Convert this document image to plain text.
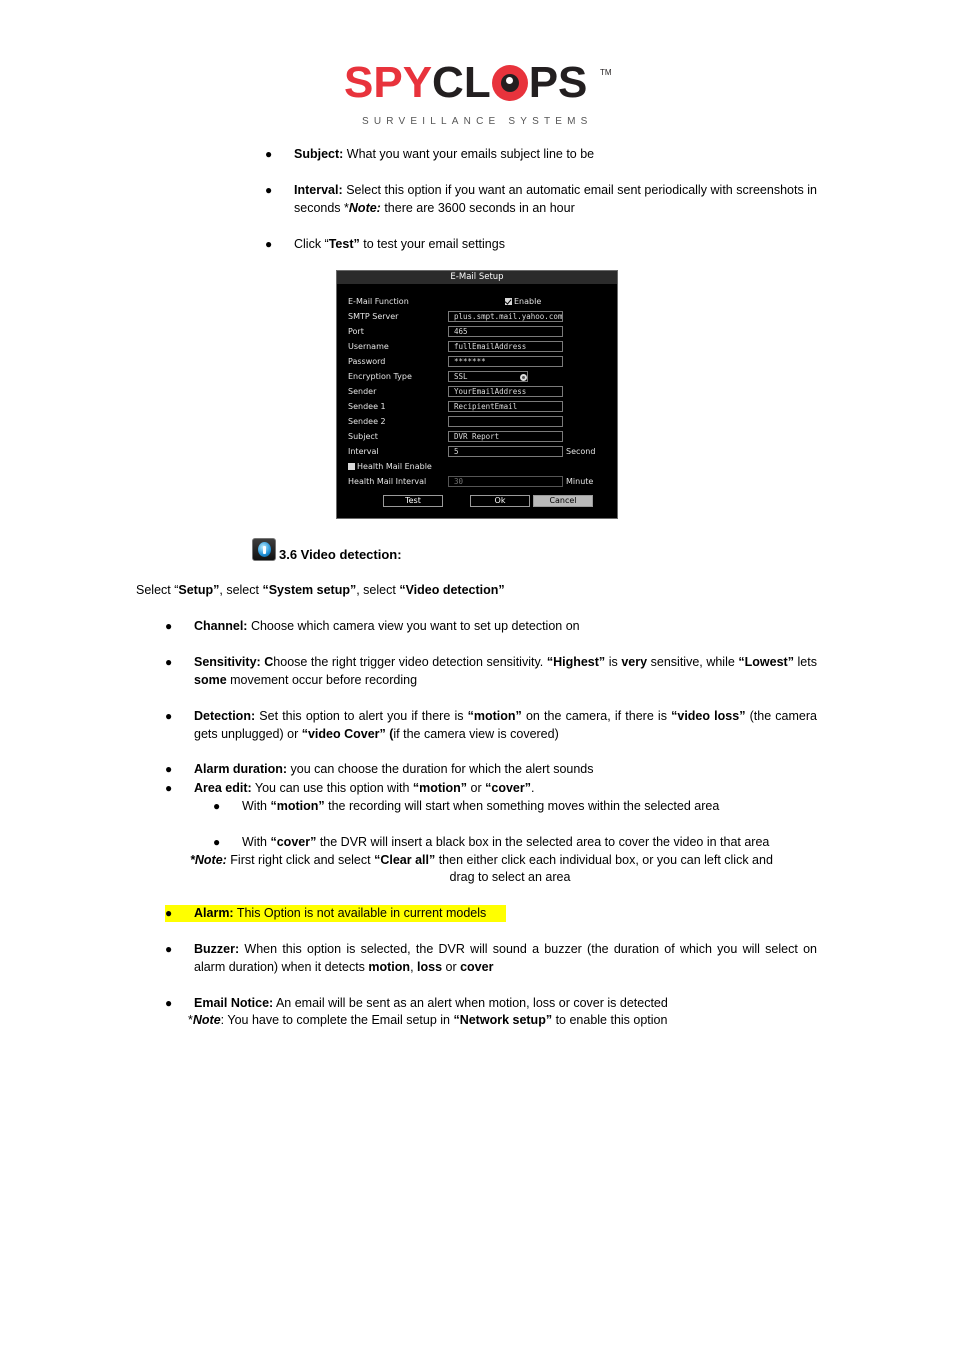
SPYCL PS TM
SURVEILLANCE SYSTEMS
● Subject: What you want your emails subject line to be
● Interval: Select this option if you want an automatic email sent periodically with screenshots in seconds *Note: there are 3600 seconds in an hour
● Click “Test” to test your email settings
E-Mail Setup
E-Mail Function	Enable
SMTP Server	plus.smpt.mail.yahoo.com
Port	465
Username	fullEmailAddress
Password	*******
Encryption Type	SSL
Sender	YourEmailAddress
Sendee 1	RecipientEmail
Sendee 2
Subject	DVR Report
Interval	5	Second
Health Mail Enable
Health Mail Interval	30	Minute
Test	Ok	Cancel
3.6 Video detection:
Select “Setup”, select “System setup”, select “Video detection”
● Channel: Choose which camera view you want to set up detection on
● Sensitivity: Choose the right trigger video detection sensitivity. “Highest” is very sensitive, while “Lowest” lets some movement occur before recording
● Detection: Set this option to alert you if there is “motion” on the camera, if there is “video loss” (the camera gets unplugged) or “video Cover” (if the camera view is covered)
● Alarm duration: you can choose the duration for which the alert sounds
● Area edit: You can use this option with “motion” or “cover”.
● With “motion” the recording will start when something moves within the selected area
● With “cover” the DVR will insert a black box in the selected area to cover the video in that area
*Note: First right click and select “Clear all” then either click each individual box, or you can left click and
drag to select an area
● Alarm: This Option is not available in current models
● Buzzer: When this option is selected, the DVR will sound a buzzer (the duration of which you will select on alarm duration) when it detects motion, loss or cover
● Email Notice: An email will be sent as an alert when motion, loss or cover is detected
*Note: You have to complete the Email setup in “Network setup” to enable this option
